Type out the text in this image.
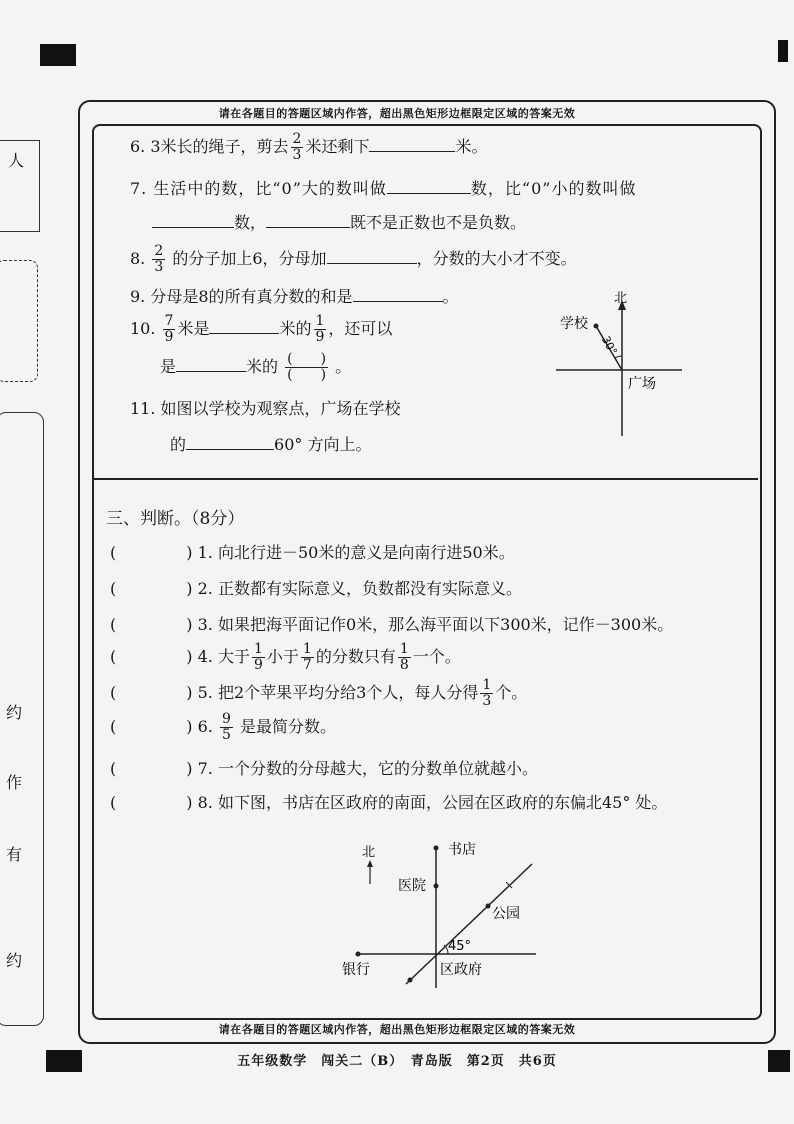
人
约
作
有
约
请在各题目的答题区域内作答，超出黑色矩形边框限定区域的答案无效
请在各题目的答题区域内作答，超出黑色矩形边框限定区域的答案无效
6. 3米长的绳子，剪去 $\frac{2}{3}$ 米还剩下	米。
7. 生活中的数，比“0”大的数叫做	数，比“0”小的数叫做
数，	既不是正数也不是负数。
8. $\frac{2}{3}$ 的分子加上6，分母加	，分数的大小才不变。
9. 分母是8的所有真分数的和是	。
10. $\frac{7}{9}$ 米是	米的 $\frac{1}{9}$ ，还可以
是	米的 $\frac{( )}{( )}$ 。
11. 如图以学校为观察点，广场在学校
的	60° 方向上。
北
学校
30°
广场
三、判断。（8分）
(	) 1. 向北行进－50米的意义是向南行进50米。
(	) 2. 正数都有实际意义，负数都没有实际意义。
(	) 3. 如果把海平面记作0米，那么海平面以下300米，记作－300米。
(	) 4. 大于 $\frac{1}{9}$ 小于 $\frac{1}{7}$ 的分数只有 $\frac{1}{8}$ 一个。
(	) 5. 把2个苹果平均分给3个人，每人分得 $\frac{1}{3}$ 个。
(	) 6. $\frac{9}{5}$ 是最简分数。
(	) 7. 一个分数的分母越大，它的分数单位就越小。
(	) 8. 如下图，书店在区政府的南面，公园在区政府的东偏北45° 处。
北	书店
医院
公园
45°
银行	区政府
五年级数学　闯关二（B）　青岛版　第2页　共6页
